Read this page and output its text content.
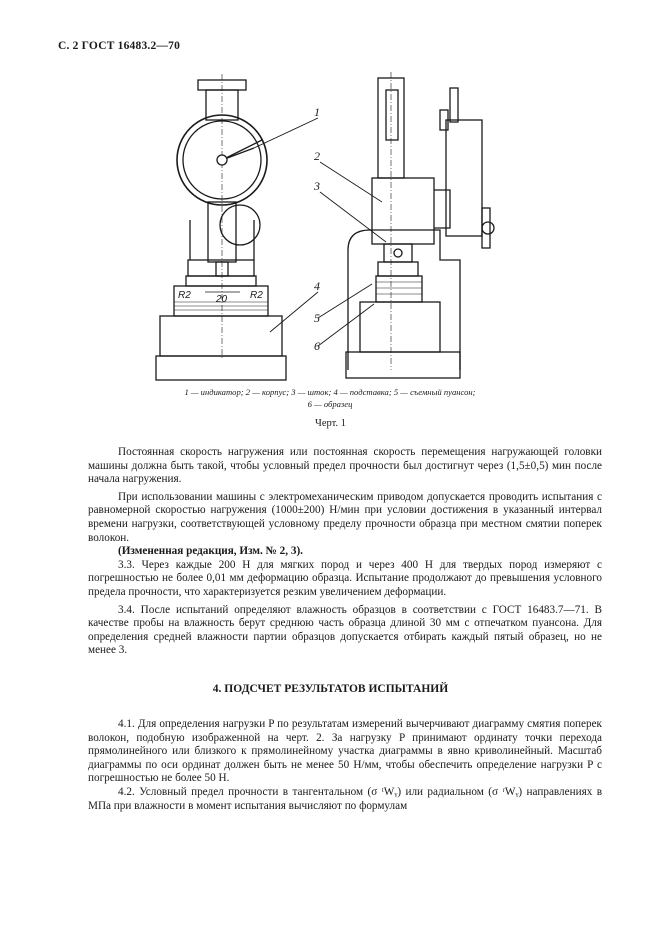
С. 2 ГОСТ 16483.2—70
1
2
3
4
5
6
R2	20 R2
1 — индикатор; 2 — корпус; 3 — шток; 4 — подставка; 5 — съемный пуансон;
6 — образец
Черт. 1

Постоянная скорость нагружения или постоянная скорость перемещения нагружающей головки машины должна быть такой, чтобы условный предел прочности был достигнут через (1,5±0,5) мин после начала нагружения.

При использовании машины с электромеханическим приводом допускается проводить испытания с равномерной скоростью нагружения (1000±200) Н/мин при условии достижения в указанный интервал времени нагрузки, соответствующей условному пределу прочности образца при местном смятии поперек волокон.

(Измененная редакция, Изм. № 2, 3).

3.3. Через каждые 200 Н для мягких пород и через 400 Н для твердых пород измеряют с погрешностью не более 0,01 мм деформацию образца. Испытание продолжают до превышения условного предела прочности, что характеризуется резким увеличением деформации.

3.4. После испытаний определяют влажность образцов в соответствии с ГОСТ 16483.7—71. В качестве пробы на влажность берут среднюю часть образца длиной 30 мм с отпечатком пуансона. Для определения средней влажности партии образцов допускается отбирать каждый пятый образец, но не менее 3.

4. ПОДСЧЕТ РЕЗУЛЬТАТОВ ИСПЫТАНИЙ

4.1. Для определения нагрузки P по результатам измерений вычерчивают диаграмму смятия поперек волокон, подобную изображенной на черт. 2. За нагрузку P принимают ординату точки перехода прямолинейного или близкого к прямолинейному участка диаграммы в явно криволинейный. Масштаб диаграммы по оси ординат должен быть не менее 50 Н/мм, чтобы обеспечить определение нагрузки P с погрешностью не более 50 Н.

4.2. Условный предел прочности в тангентальном (σ ᵗWᵧ) или радиальном (σ ʳWᵧ) направлениях в МПа при влажности в момент испытания вычисляют по формулам
